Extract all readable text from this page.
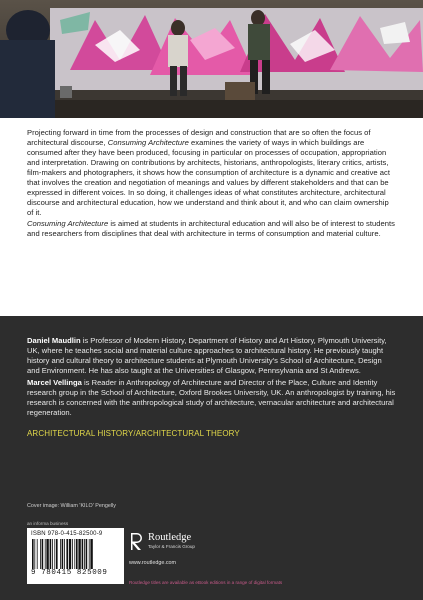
Projecting forward in time from the processes of design and construction that are so often the focus of architectural discourse, Consuming Architecture examines the variety of ways in which buildings are consumed after they have been produced, focusing in particular on processes of occupation, appropriation and interpretation. Drawing on contributions by architects, historians, anthropologists, literary critics, artists, film-makers and photographers, it shows how the consumption of architecture is a dynamic and creative act that involves the creation and negotiation of meanings and values by different stakeholders and that can be expressed in different voices. In so doing, it challenges ideas of what constitutes architecture, architectural discourse and architectural education, how we understand and think about it, and who can claim ownership of it.

Consuming Architecture is aimed at students in architectural education and will also be of interest to students and researchers from disciplines that deal with architecture in terms of consumption and material culture.

Daniel Maudlin is Professor of Modern History, Department of History and Art History, Plymouth University, UK, where he teaches social and material culture approaches to architectural history. He previously taught history and cultural theory to architecture students at Plymouth University's School of Architecture, Design and Environment. He has also taught at the Universities of Glasgow, Pennsylvania and St Andrews.

Marcel Vellinga is Reader in Anthropology of Architecture and Director of the Place, Culture and Identity research group in the School of Architecture, Oxford Brookes University, UK. An anthropologist by training, his research is concerned with the anthropological study of architecture, vernacular architecture and architectural regeneration.

ARCHITECTURAL HISTORY/ARCHITECTURAL THEORY
Cover image: William 'KILO' Pengelly
an informa business
ISBN 978-0-415-82500-9
9 780415 825009
Routledge
Taylor & Francis Group
www.routledge.com
Routledge titles are available as eBook editions in a range of digital formats
